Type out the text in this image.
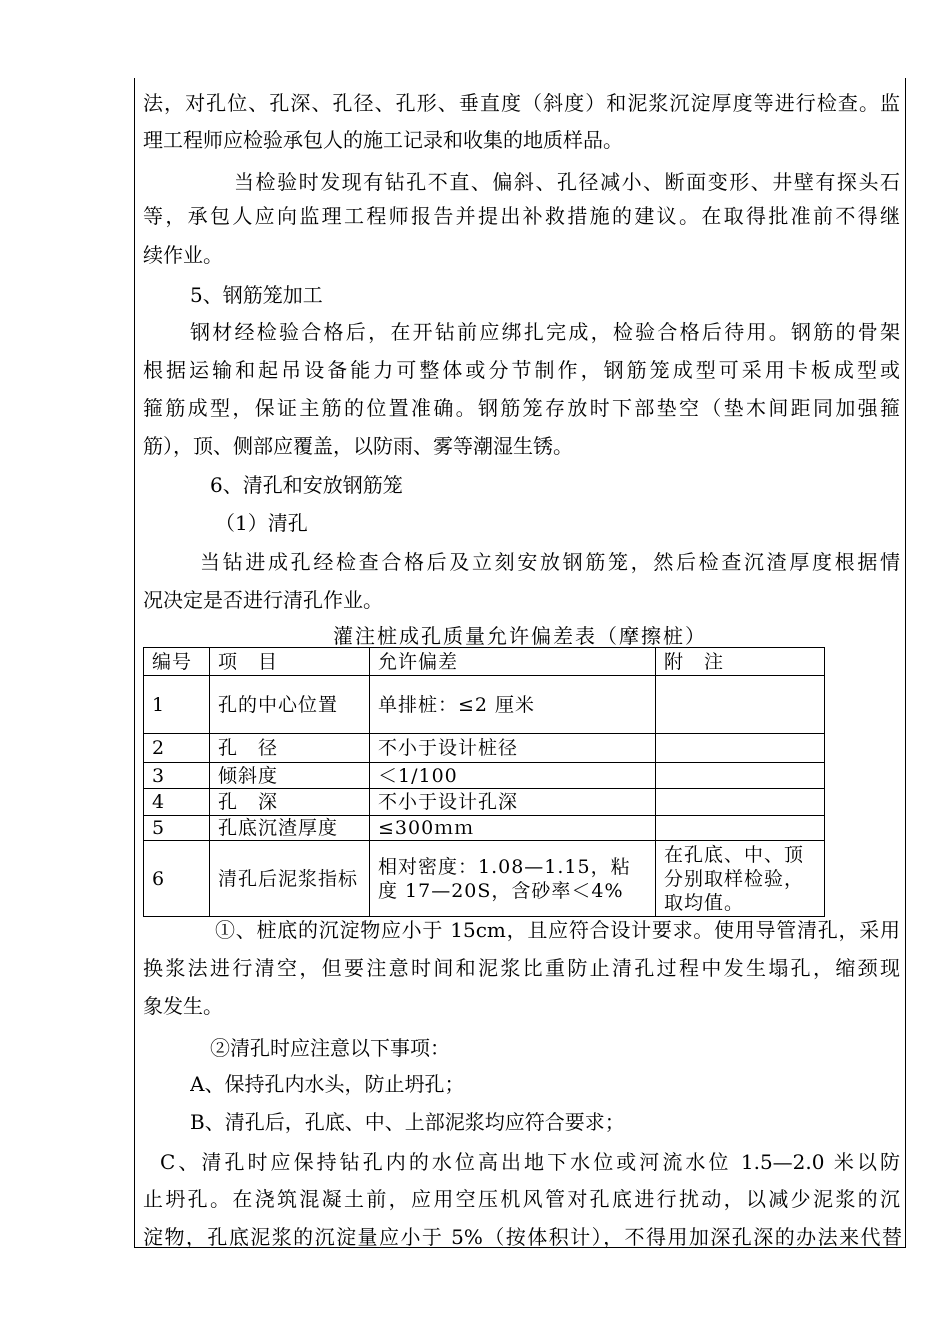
法，对孔位、孔深、孔径、孔形、垂直度（斜度）和泥浆沉淀厚度等进行检查。监
理工程师应检验承包人的施工记录和收集的地质样品。
当检验时发现有钻孔不直、偏斜、孔径减小、断面变形、井壁有探头石
等，承包人应向监理工程师报告并提出补救措施的建议。在取得批准前不得继
续作业。
5、钢筋笼加工
钢材经检验合格后，在开钻前应绑扎完成，检验合格后待用。钢筋的骨架
根据运输和起吊设备能力可整体或分节制作，钢筋笼成型可采用卡板成型或
箍筋成型，保证主筋的位置准确。钢筋笼存放时下部垫空（垫木间距同加强箍
筋），顶、侧部应覆盖，以防雨、雾等潮湿生锈。
6、清孔和安放钢筋笼
（1）清孔
当钻进成孔经检查合格后及立刻安放钢筋笼，然后检查沉渣厚度根据情
况决定是否进行清孔作业。
灌注桩成孔质量允许偏差表（摩擦桩）
编号	项　目	允许偏差	附　注
1	孔的中心位置	单排桩：≤2 厘米	
2	孔　径	不小于设计桩径	
3	倾斜度	＜1/100	
4	孔　深	不小于设计孔深	
5	孔底沉渣厚度	≤300ｍｍ	
6	清孔后泥浆指标	相对密度：1.08—1.15，粘度 17—20S，含砂率＜4%	在孔底、中、顶分别取样检验，取均值。
①、桩底的沉淀物应小于 15cm，且应符合设计要求。使用导管清孔，采用
换浆法进行清空，但要注意时间和泥浆比重防止清孔过程中发生塌孔，缩颈现
象发生。
②清孔时应注意以下事项：
A、保持孔内水头，防止坍孔；
B、清孔后，孔底、中、上部泥浆均应符合要求；
C、清孔时应保持钻孔内的水位高出地下水位或河流水位 1.5—2.0 米以防
止坍孔。在浇筑混凝土前，应用空压机风管对孔底进行扰动，以减少泥浆的沉
淀物，孔底泥浆的沉淀量应小于 5%（按体积计），不得用加深孔深的办法来代替
